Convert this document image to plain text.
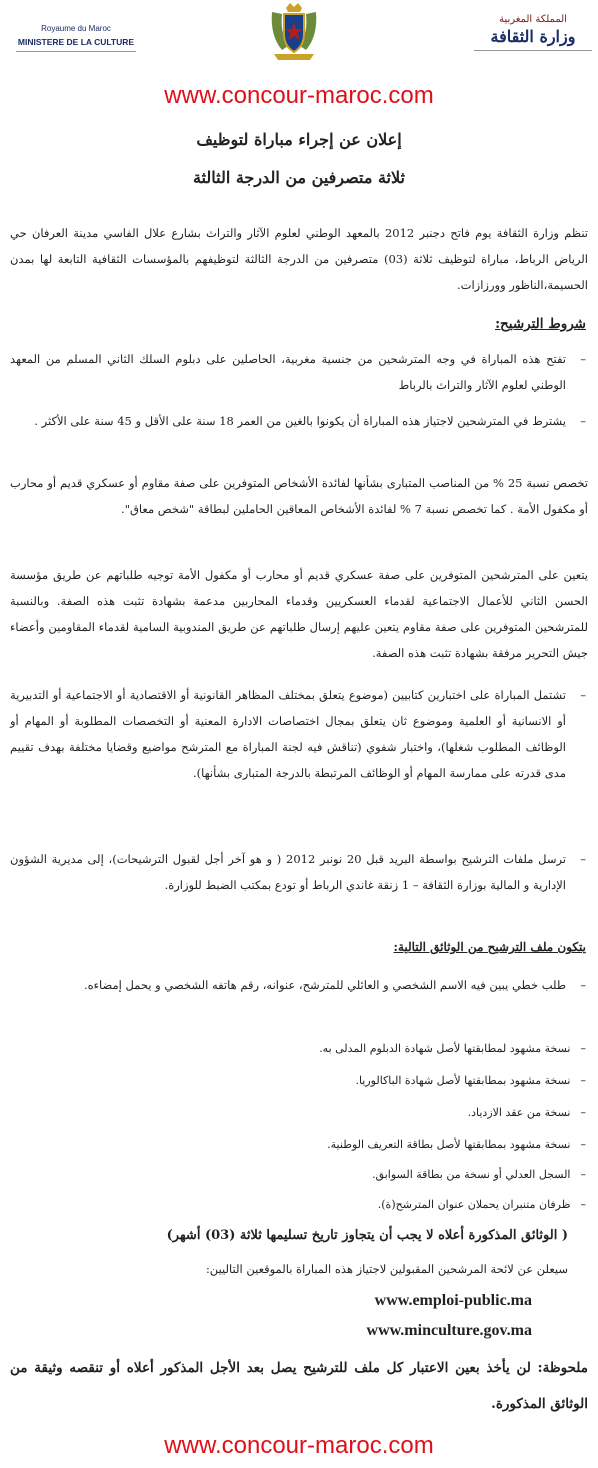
Royaume du Maroc
MINISTERE DE LA CULTURE
المملكة المغربية
وزارة الثقافة
www.concour-maroc.com
إعلان عن إجراء مباراة لتوظيف
ثلاثة متصرفين من الدرجة الثالثة

تنظم وزارة الثقافة يوم فاتح دجنبر 2012 بالمعهد الوطني لعلوم الآثار والتراث بشارع علال الفاسي مدينة العرفان حي الرياض الرباط، مباراة لتوظيف ثلاثة (03) متصرفين من الدرجة الثالثة لتوظيفهم بالمؤسسات الثقافية التابعة لها بمدن الحسيمة،الناظور وورزازات.

شروط الترشيح:
–
تفتح هذه المباراة في وجه المترشحين من جنسية مغربية، الحاصلين على دبلوم السلك الثاني المسلم من المعهد الوطني لعلوم الآثار والتراث بالرباط
–
يشترط في المترشحين لاجتياز هذه المباراة أن يكونوا بالغين من العمر 18 سنة على الأقل و 45 سنة على الأكثر .

تخصص نسبة 25 % من المناصب المتبارى بشأنها لفائدة الأشخاص المتوفرين على صفة مقاوم أو عسكري قديم أو محارب أو مكفول الأمة . كما تخصص نسبة 7 % لفائدة الأشخاص المعاقين الحاملين لبطاقة "شخص معاق".

يتعين على المترشحين المتوفرين على صفة عسكري قديم أو محارب أو مكفول الأمة توجيه طلباتهم عن طريق مؤسسة الحسن الثاني للأعمال الاجتماعية لقدماء العسكريين وقدماء المحاربين مدعمة بشهادة تثبت هذه الصفة. وبالنسبة للمترشحين المتوفرين على صفة مقاوم يتعين عليهم إرسال طلباتهم عن طريق المندوبية السامية لقدماء المقاومين وأعضاء جيش التحرير مرفقة بشهادة تثبت هذه الصفة.

–
تشتمل المباراة على اختبارين كتابيين (موضوع يتعلق بمختلف المظاهر القانونية أو الاقتصادية أو الاجتماعية أو التدبيرية أو الانسانية أو العلمية وموضوع ثان يتعلق بمجال اختصاصات الادارة المعنية أو التخصصات المطلوبة أو المهام أو الوظائف المطلوب شغلها)، واختبار شفوي (تناقش فيه لجنة المباراة مع المترشح مواضيع وقضايا مختلفة بهدف تقييم مدى قدرته على ممارسة المهام أو الوظائف المرتبطة بالدرجة المتبارى بشأنها).
–
ترسل ملفات الترشيح بواسطة البريد قبل 20 نونبر 2012 ( و هو آخر أجل لقبول الترشيحات)، إلى مديرية الشؤون الإدارية و المالية بوزارة الثقافة – 1 زنقة غاندي الرباط أو تودع بمكتب الضبط للوزارة.
يتكون ملف الترشيح من الوثائق التالية:
–
طلب خطي يبين فيه الاسم الشخصي و العائلي للمترشح، عنوانه، رقم هاتفه الشخصي و يحمل إمضاءه.
–نسخة مشهود لمطابقتها لأصل شهادة الدبلوم المدلى به.
–نسخة مشهود بمطابقتها لأصل شهادة الباكالوريا.
–نسخة من عقد الازدياد.
–نسخة مشهود بمطابقتها لأصل بطاقة التعريف الوطنية.
–السجل العدلي أو نسخة من بطاقة السوابق.
–ظرفان متنبران يحملان عنوان المترشح(ة).
( الوثائق المذكورة أعلاه لا يجب أن يتجاوز تاريخ تسليمها ثلاثة (03) أشهر)
سيعلن عن لائحة المرشحين المقبولين لاجتياز هذه المباراة بالموقعين التاليين:
www.emploi-public.ma
www.minculture.gov.ma

ملحوظة: لن يأخذ بعين الاعتبار كل ملف للترشيح يصل بعد الأجل المذكور أعلاه أو تنقصه وثيقة من الوثائق المذكورة.

www.concour-maroc.com
